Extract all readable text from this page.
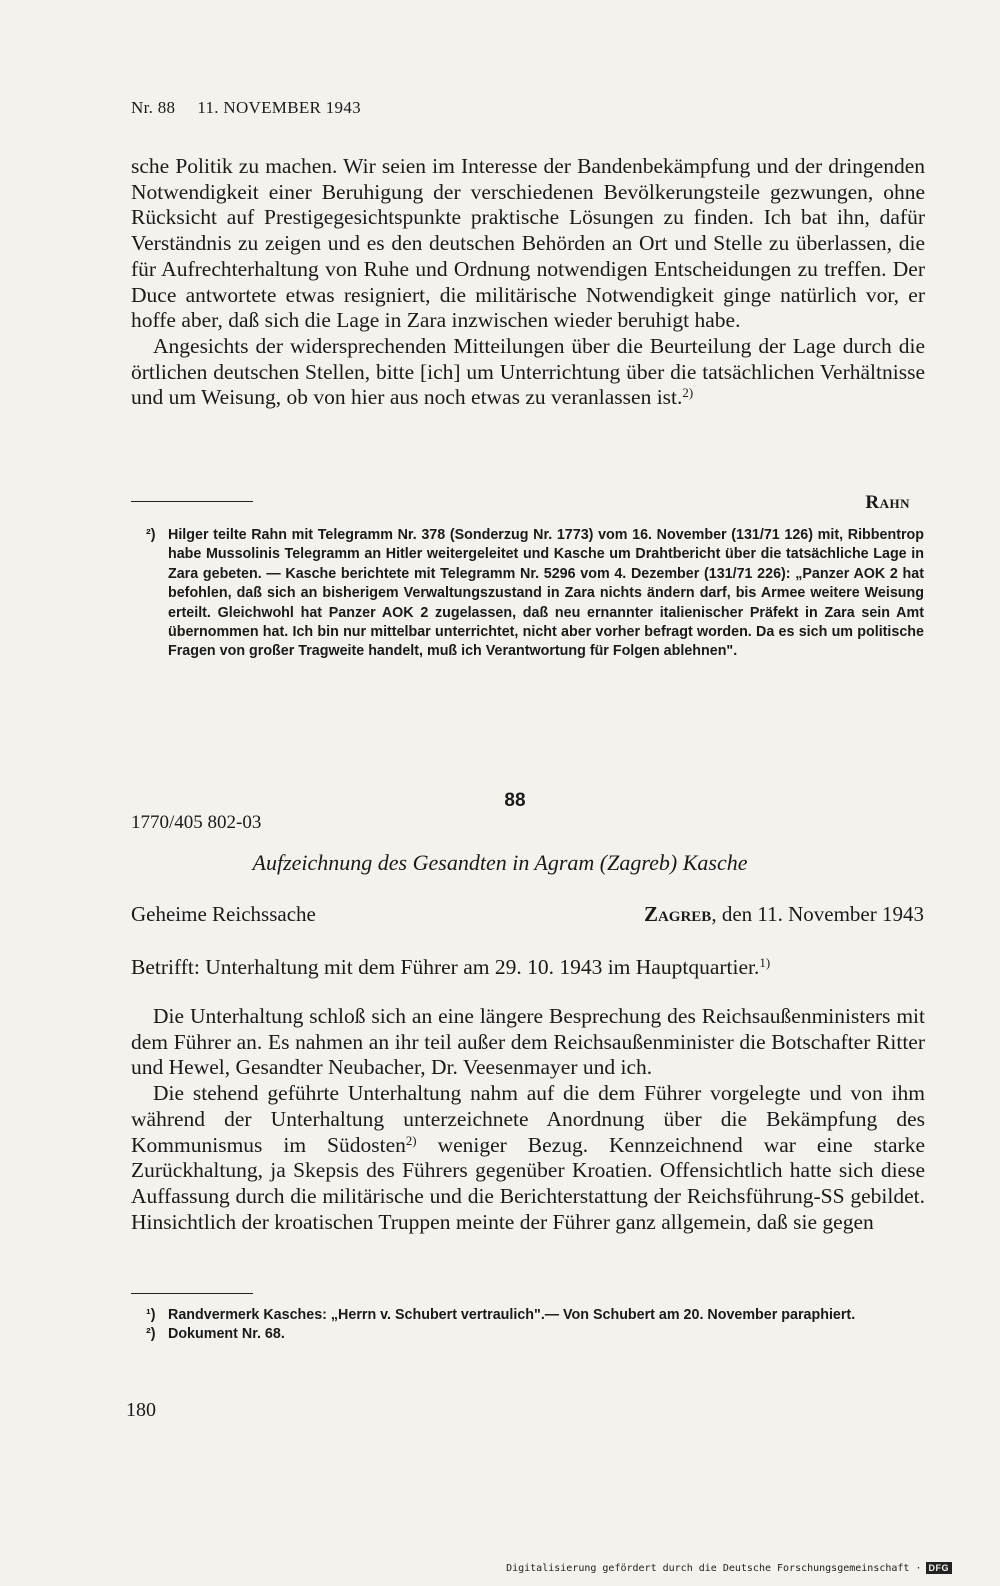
Nr. 88 11. NOVEMBER 1943

sche Politik zu machen. Wir seien im Interesse der Bandenbekämpfung und der dringenden Notwendigkeit einer Beruhigung der verschiedenen Bevölkerungsteile gezwungen, ohne Rücksicht auf Prestigegesichtspunkte praktische Lösungen zu finden. Ich bat ihn, dafür Verständnis zu zeigen und es den deutschen Behörden an Ort und Stelle zu überlassen, die für Aufrechterhaltung von Ruhe und Ordnung notwendigen Entscheidungen zu treffen. Der Duce antwortete etwas resigniert, die militärische Notwendigkeit ginge natürlich vor, er hoffe aber, daß sich die Lage in Zara inzwischen wieder beruhigt habe.

Angesichts der widersprechenden Mitteilungen über die Beurteilung der Lage durch die örtlichen deutschen Stellen, bitte [ich] um Unterrichtung über die tatsächlichen Verhältnisse und um Weisung, ob von hier aus noch etwas zu veranlassen ist.$^{2)}$

Rahn

²) Hilger teilte Rahn mit Telegramm Nr. 378 (Sonderzug Nr. 1773) vom 16. November (131/71 126) mit, Ribbentrop habe Mussolinis Telegramm an Hitler weitergeleitet und Kasche um Drahtbericht über die tatsächliche Lage in Zara gebeten. — Kasche berichtete mit Telegramm Nr. 5296 vom 4. Dezember (131/71 226): „Panzer AOK 2 hat befohlen, daß sich an bisherigem Verwaltungszustand in Zara nichts ändern darf, bis Armee weitere Weisung erteilt. Gleichwohl hat Panzer AOK 2 zugelassen, daß neu ernannter italienischer Präfekt in Zara sein Amt übernommen hat. Ich bin nur mittelbar unterrichtet, nicht aber vorher befragt worden. Da es sich um politische Fragen von großer Tragweite handelt, muß ich Verantwortung für Folgen ablehnen".

88
1770/405 802-03
Aufzeichnung des Gesandten in Agram (Zagreb) Kasche
Geheime Reichssache	Zagreb, den 11. November 1943
Betrifft: Unterhaltung mit dem Führer am 29. 10. 1943 im Hauptquartier.$^{1)}$

Die Unterhaltung schloß sich an eine längere Besprechung des Reichsaußenministers mit dem Führer an. Es nahmen an ihr teil außer dem Reichsaußenminister die Botschafter Ritter und Hewel, Gesandter Neubacher, Dr. Veesenmayer und ich.

Die stehend geführte Unterhaltung nahm auf die dem Führer vorgelegte und von ihm während der Unterhaltung unterzeichnete Anordnung über die Bekämpfung des Kommunismus im Südosten$^{2)}$ weniger Bezug. Kennzeichnend war eine starke Zurückhaltung, ja Skepsis des Führers gegenüber Kroatien. Offensichtlich hatte sich diese Auffassung durch die militärische und die Berichterstattung der Reichsführung-SS gebildet. Hinsichtlich der kroatischen Truppen meinte der Führer ganz allgemein, daß sie gegen

¹) Randvermerk Kasches: „Herrn v. Schubert vertraulich".— Von Schubert am 20. November paraphiert.

²) Dokument Nr. 68.

180
Digitalisierung gefördert durch die Deutsche Forschungsgemeinschaft · DFG
